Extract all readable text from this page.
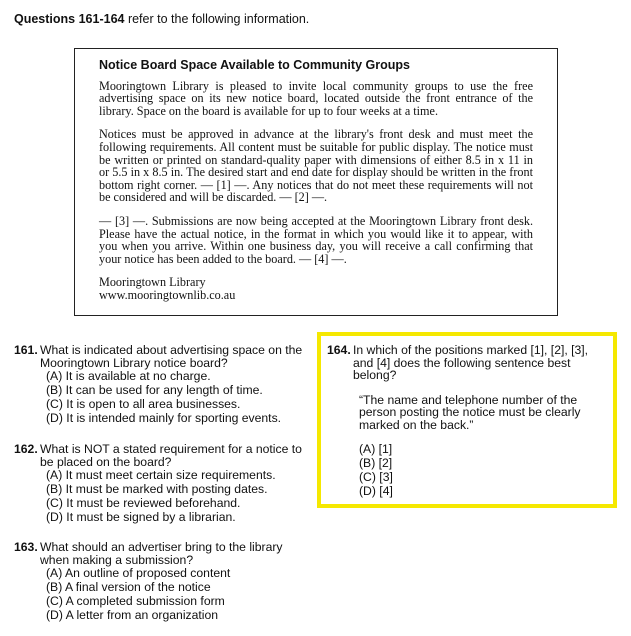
Questions 161-164 refer to the following information.
Notice Board Space Available to Community Groups

Mooringtown Library is pleased to invite local community groups to use the free advertising space on its new notice board, located outside the front entrance of the library. Space on the board is available for up to four weeks at a time.

Notices must be approved in advance at the library's front desk and must meet the following requirements. All content must be suitable for public display. The notice must be written or printed on standard-quality paper with dimensions of either 8.5 in x 11 in or 5.5 in x 8.5 in. The desired start and end date for display should be written in the front bottom right corner. — [1] —. Any notices that do not meet these requirements will not be considered and will be discarded. — [2] —.

— [3] —. Submissions are now being accepted at the Mooringtown Library front desk. Please have the actual notice, in the format in which you would like it to appear, with you when you arrive. Within one business day, you will receive a call confirming that your notice has been added to the board. — [4] —.

Mooringtown Library
www.mooringtownlib.co.au
161. What is indicated about advertising space on the Mooringtown Library notice board?
(A) It is available at no charge.
(B) It can be used for any length of time.
(C) It is open to all area businesses.
(D) It is intended mainly for sporting events.
162. What is NOT a stated requirement for a notice to be placed on the board?
(A) It must meet certain size requirements.
(B) It must be marked with posting dates.
(C) It must be reviewed beforehand.
(D) It must be signed by a librarian.
163. What should an advertiser bring to the library when making a submission?
(A) An outline of proposed content
(B) A final version of the notice
(C) A completed submission form
(D) A letter from an organization
164. In which of the positions marked [1], [2], [3], and [4] does the following sentence best belong?
“The name and telephone number of the person posting the notice must be clearly marked on the back.”
(A) [1]
(B) [2]
(C) [3]
(D) [4]
